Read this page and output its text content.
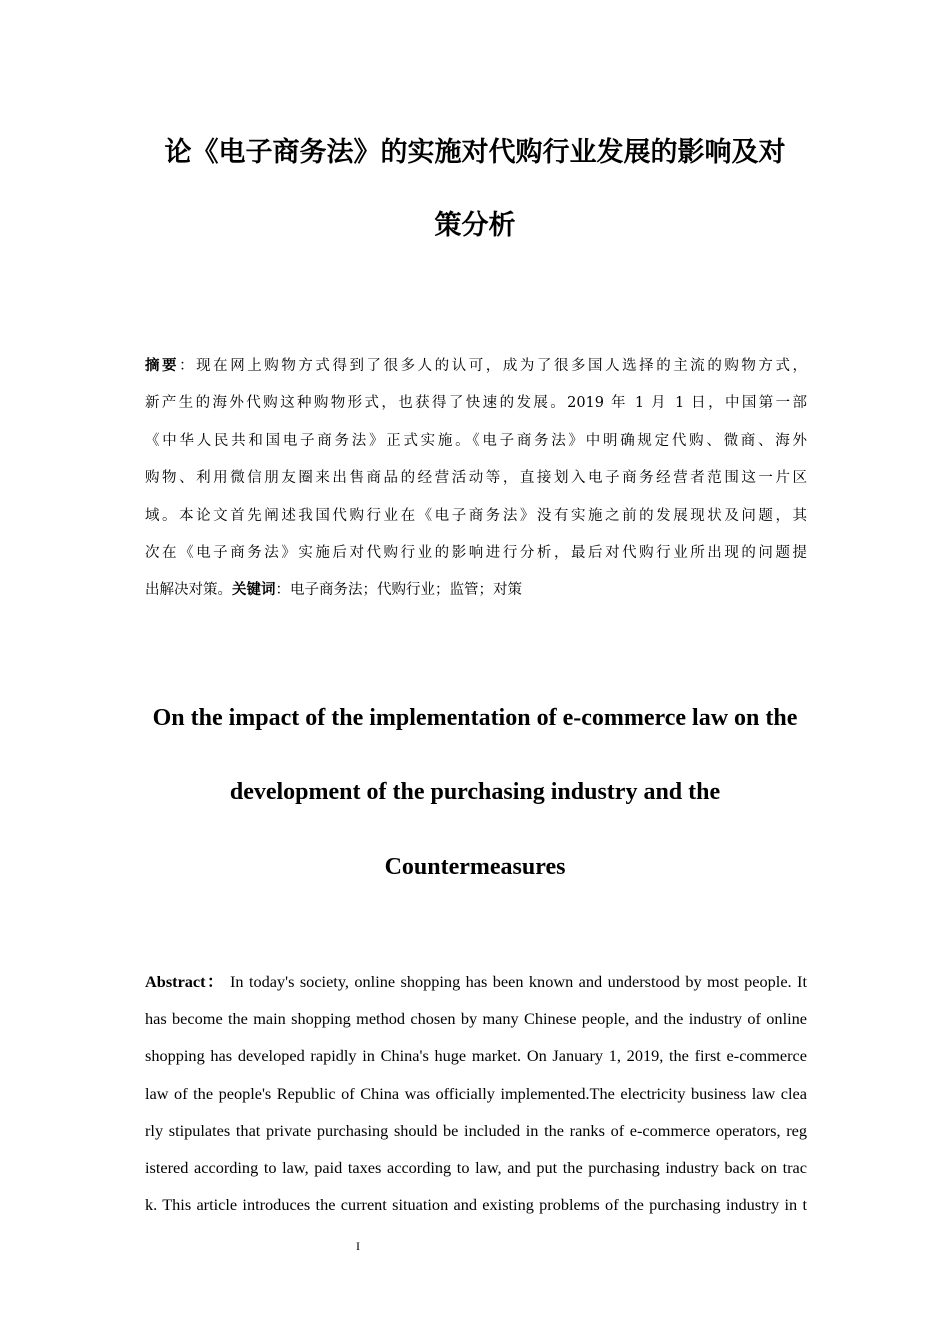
论《电子商务法》的实施对代购行业发展的影响及对
策分析
摘要：现在网上购物方式得到了很多人的认可，成为了很多国人选择的主流的购物方式，
新产生的海外代购这种购物形式，也获得了快速的发展。2019 年 1 月 1 日，中国第一部
《中华人民共和国电子商务法》正式实施。《电子商务法》中明确规定代购、微商、海外
购物、利用微信朋友圈来出售商品的经营活动等，直接划入电子商务经营者范围这一片区
域。本论文首先阐述我国代购行业在《电子商务法》没有实施之前的发展现状及问题，其
次在《电子商务法》实施后对代购行业的影响进行分析，最后对代购行业所出现的问题提
出解决对策。关键词：电子商务法；代购行业；监管；对策
On the impact of the implementation of e-commerce law on the
development of the purchasing industry and the
Countermeasures
Abstract： In today's society, online shopping has been known and understood by most people. It
has become the main shopping method chosen by many Chinese people, and the industry of online
shopping has developed rapidly in China's huge market. On January 1, 2019, the first e-commerce
law of the people's Republic of China was officially implemented.The electricity business law clea
rly stipulates that private purchasing should be included in the ranks of e-commerce operators, reg
istered according to law, paid taxes according to law, and put the purchasing industry back on trac
k. This article introduces the current situation and existing problems of the purchasing industry in t
I
